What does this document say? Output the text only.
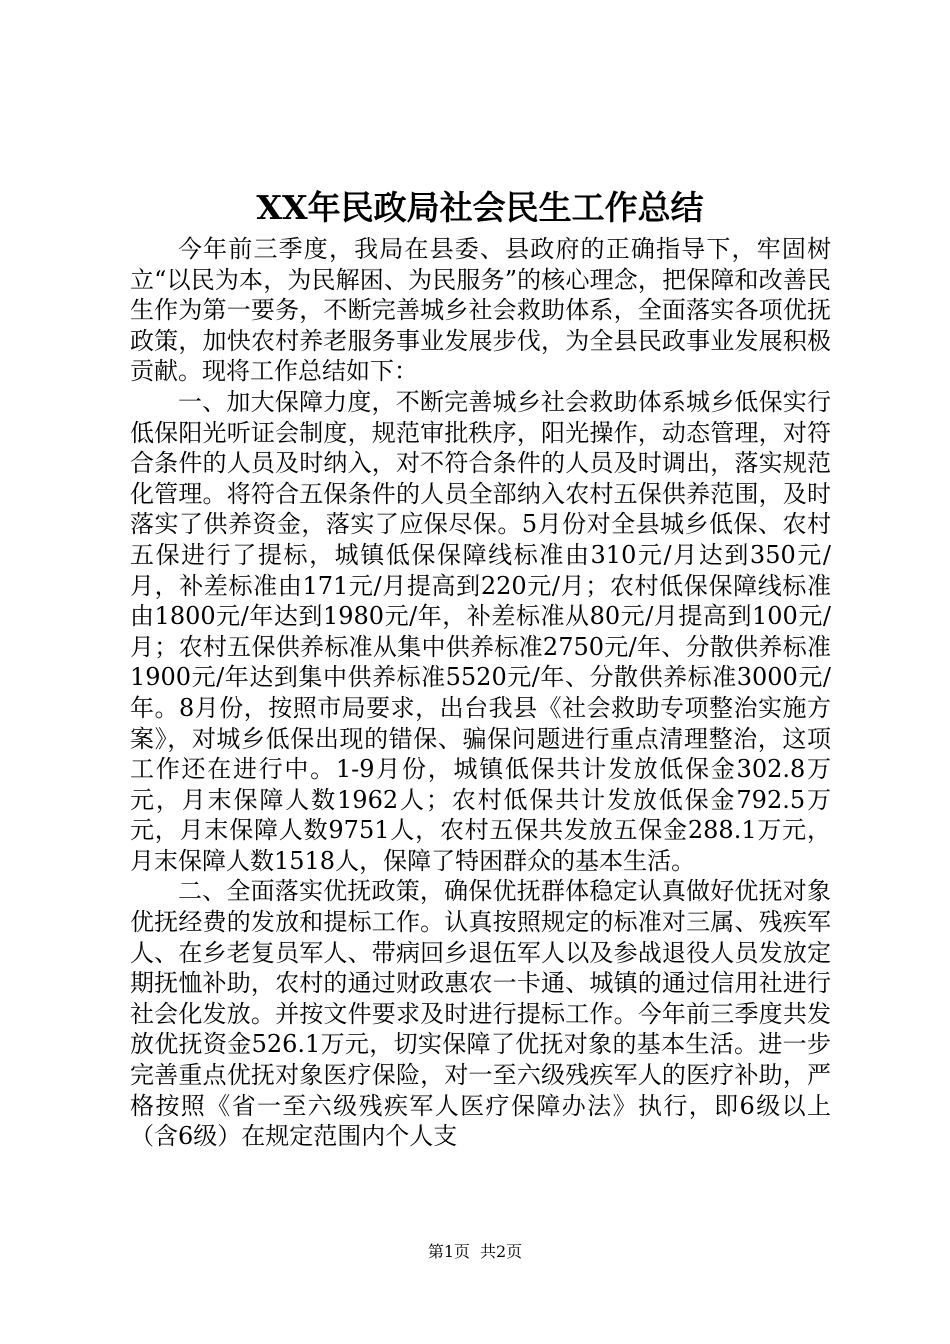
XX年民政局社会民生工作总结

今年前三季度，我局在县委、县政府的正确指导下，牢固树立“以民为本，为民解困、为民服务”的核心理念，把保障和改善民生作为第一要务，不断完善城乡社会救助体系，全面落实各项优抚政策，加快农村养老服务事业发展步伐，为全县民政事业发展积极贡献。现将工作总结如下：

一、加大保障力度，不断完善城乡社会救助体系城乡低保实行低保阳光听证会制度，规范审批秩序，阳光操作，动态管理，对符合条件的人员及时纳入，对不符合条件的人员及时调出，落实规范化管理。将符合五保条件的人员全部纳入农村五保供养范围，及时落实了供养资金，落实了应保尽保。5月份对全县城乡低保、农村五保进行了提标，城镇低保保障线标准由310元/月达到350元/月，补差标准由171元/月提高到220元/月；农村低保保障线标准由1800元/年达到1980元/年，补差标准从80元/月提高到100元/月；农村五保供养标准从集中供养标准2750元/年、分散供养标准1900元/年达到集中供养标准5520元/年、分散供养标准3000元/年。8月份，按照市局要求，出台我县《社会救助专项整治实施方案》，对城乡低保出现的错保、骗保问题进行重点清理整治，这项工作还在进行中。1-9月份，城镇低保共计发放低保金302.8万元，月末保障人数1962人；农村低保共计发放低保金792.5万元，月末保障人数9751人，农村五保共发放五保金288.1万元，月末保障人数1518人，保障了特困群众的基本生活。

二、全面落实优抚政策，确保优抚群体稳定认真做好优抚对象优抚经费的发放和提标工作。认真按照规定的标准对三属、残疾军人、在乡老复员军人、带病回乡退伍军人以及参战退役人员发放定期抚恤补助，农村的通过财政惠农一卡通、城镇的通过信用社进行社会化发放。并按文件要求及时进行提标工作。今年前三季度共发放优抚资金526.1万元，切实保障了优抚对象的基本生活。进一步完善重点优抚对象医疗保险，对一至六级残疾军人的医疗补助，严格按照《省一至六级残疾军人医疗保障办法》执行，即6级以上（含6级）在规定范围内个人支

第1页 共2页
